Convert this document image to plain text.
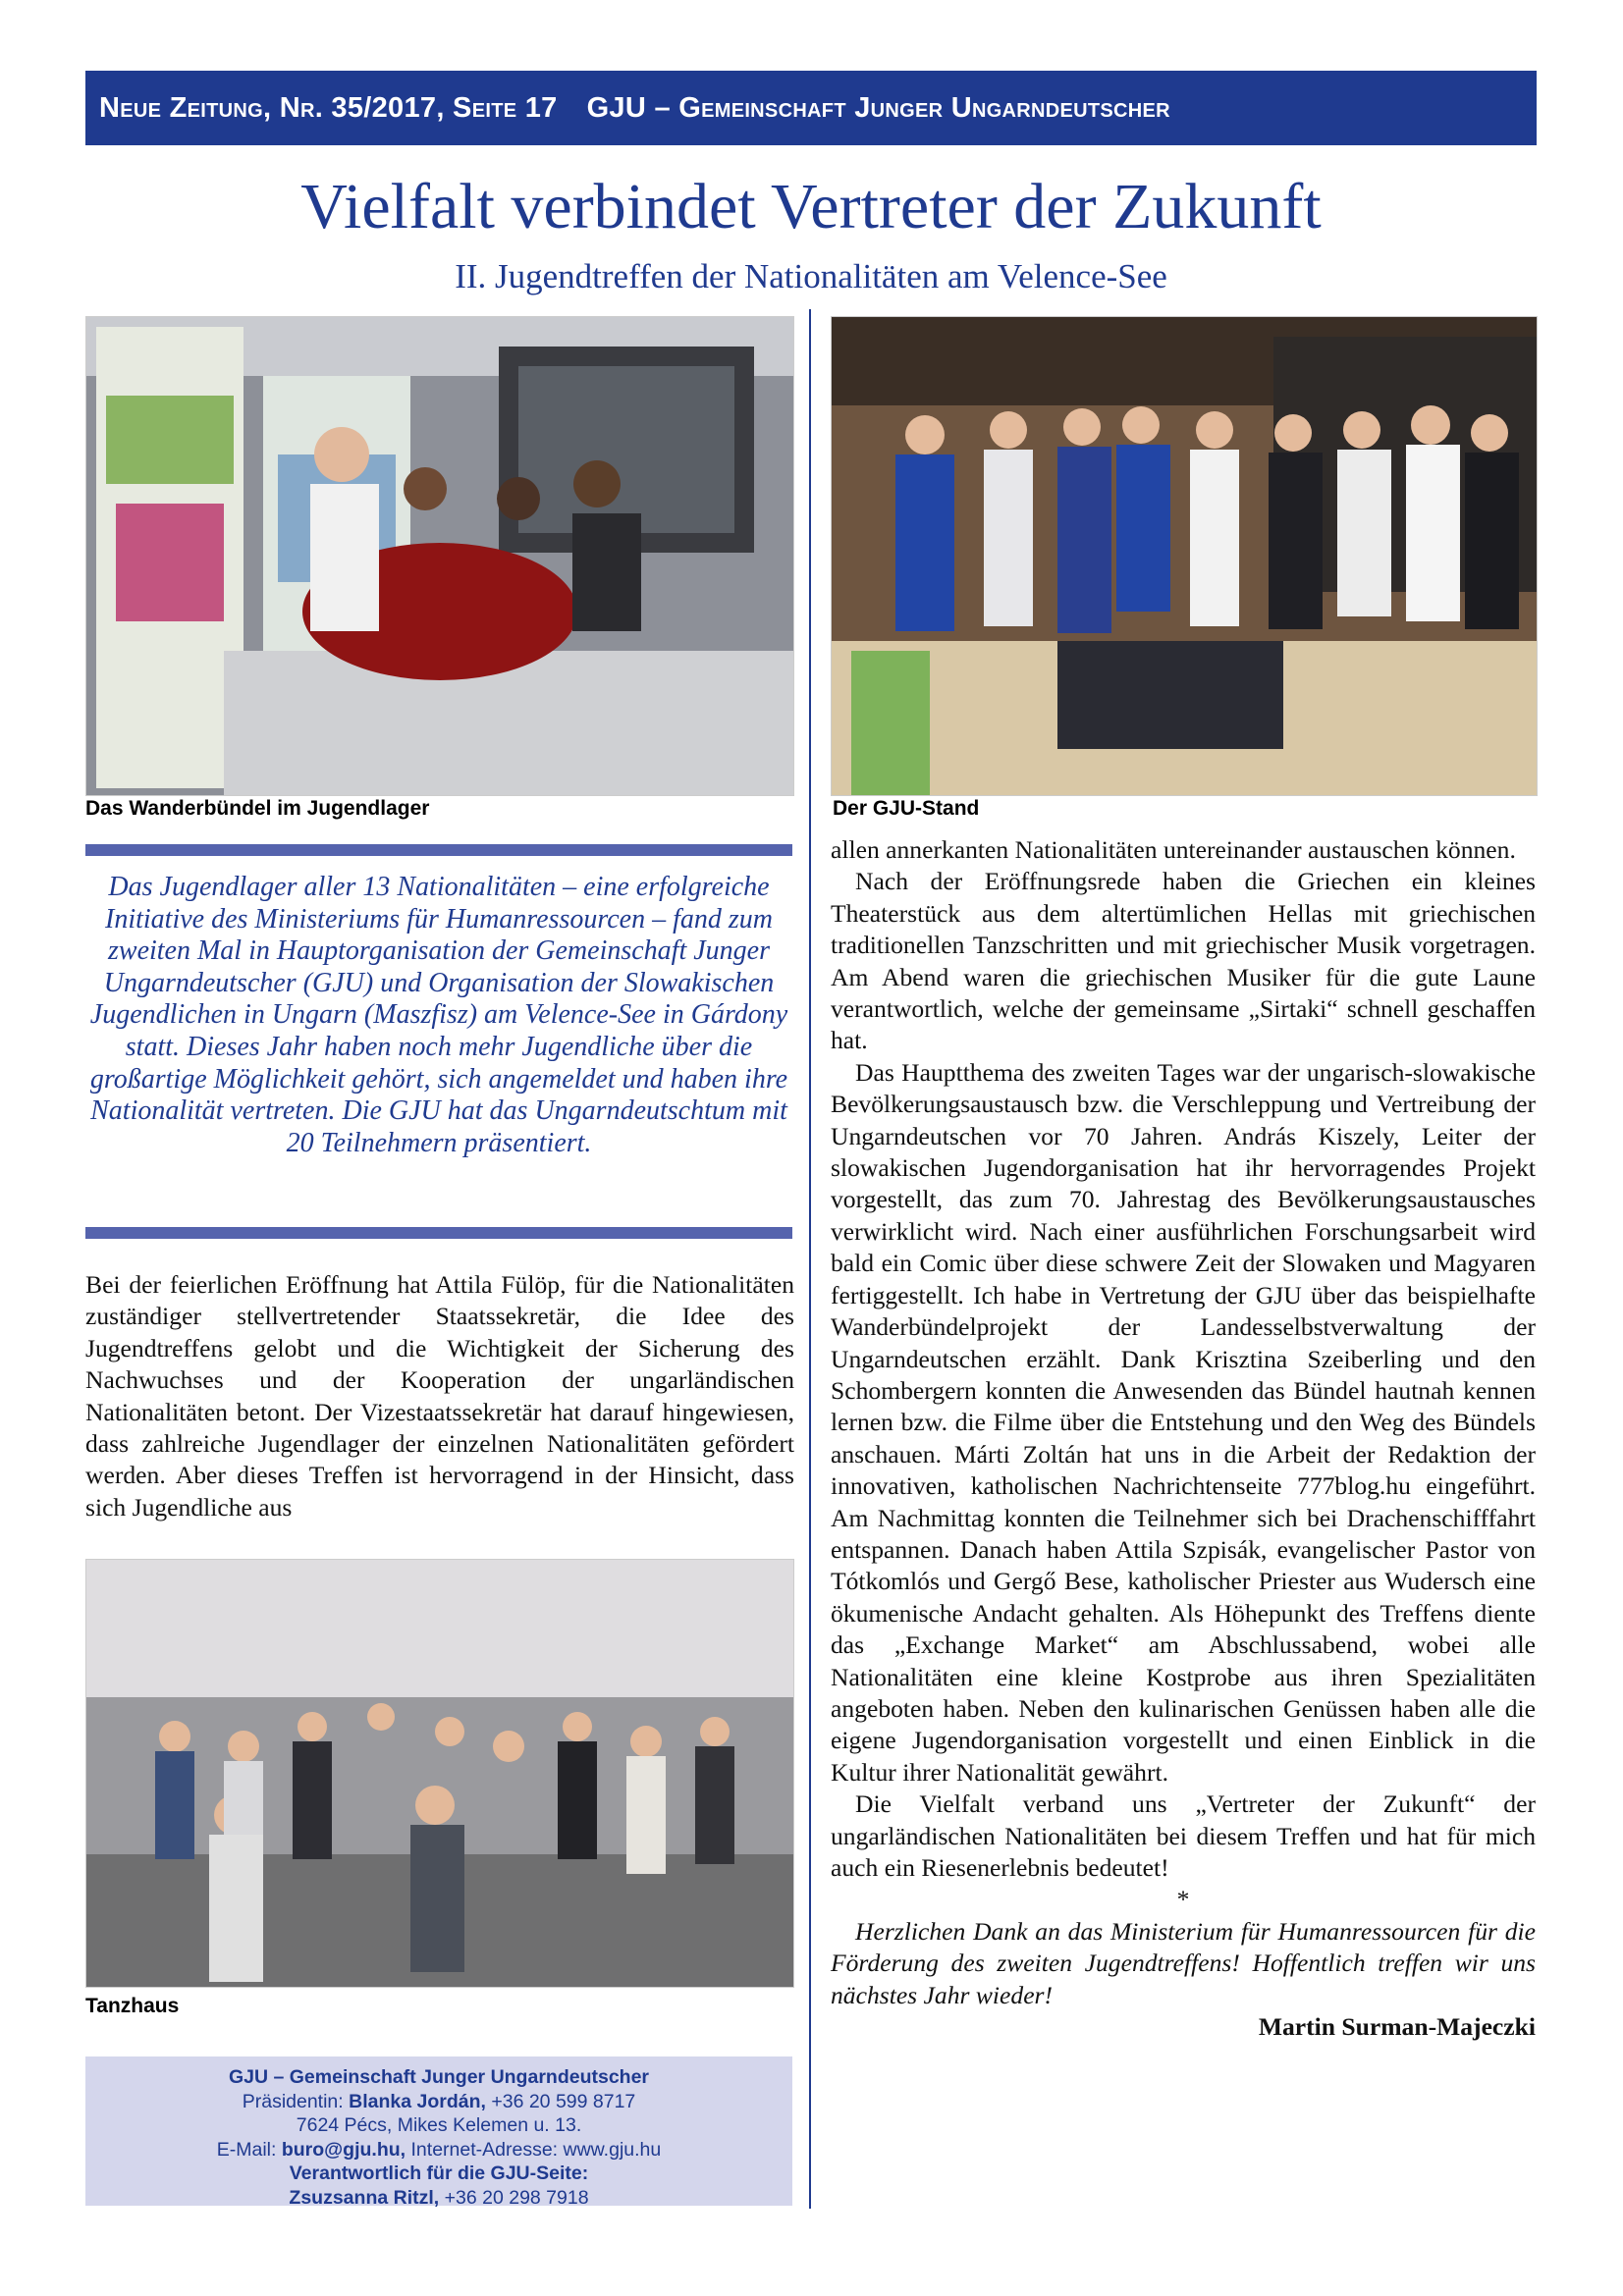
Neue Zeitung, Nr. 35/2017, Seite 17 GJU – Gemeinschaft Junger Ungarndeutscher
Vielfalt verbindet Vertreter der Zukunft
II. Jugendtreffen der Nationalitäten am Velence-See
Das Wanderbündel im Jugendlager	Der GJU-Stand

Das Jugendlager aller 13 Nationalitäten – eine erfolgreiche Initiative des Ministeriums für Humanressourcen – fand zum zweiten Mal in Hauptorganisation der Gemeinschaft Junger Ungarndeutscher (GJU) und Organisation der Slowakischen Jugendlichen in Ungarn (Maszfisz) am Velence-See in Gárdony statt. Dieses Jahr haben noch mehr Jugendliche über die großartige Möglichkeit gehört, sich angemeldet und haben ihre Nationalität vertreten. Die GJU hat das Ungarndeutschtum mit 20 Teilnehmern präsentiert.

Bei der feierlichen Eröffnung hat Attila Fülöp, für die Nationalitäten zuständiger stellvertretender Staatssekretär, die Idee des Jugendtreffens gelobt und die Wichtigkeit der Sicherung des Nachwuchses und der Kooperation der ungarländischen Nationalitäten betont. Der Vizestaatssekretär hat darauf hingewiesen, dass zahlreiche Jugendlager der einzelnen Nationalitäten gefördert werden. Aber dieses Treffen ist hervorragend in der Hinsicht, dass sich Jugendliche aus

Tanzhaus
GJU – Gemeinschaft Junger Ungarndeutscher
Präsidentin: Blanka Jordán, +36 20 599 8717
7624 Pécs, Mikes Kelemen u. 13.
E-Mail: buro@gju.hu, Internet-Adresse: www.gju.hu
Verantwortlich für die GJU-Seite:
Zsuzsanna Ritzl, +36 20 298 7918

allen annerkanten Nationalitäten untereinander austauschen können.

Nach der Eröffnungsrede haben die Griechen ein kleines Theaterstück aus dem altertümlichen Hellas mit griechischen traditionellen Tanzschritten und mit griechischer Musik vorgetragen. Am Abend waren die griechischen Musiker für die gute Laune verantwortlich, welche der gemeinsame „Sirtaki“ schnell geschaffen hat.

Das Hauptthema des zweiten Tages war der ungarisch-slowakische Bevölkerungsaustausch bzw. die Verschleppung und Vertreibung der Ungarndeutschen vor 70 Jahren. András Kiszely, Leiter der slowakischen Jugendorganisation hat ihr hervorragendes Projekt vorgestellt, das zum 70. Jahrestag des Bevölkerungsaustausches verwirklicht wird. Nach einer ausführlichen Forschungsarbeit wird bald ein Comic über diese schwere Zeit der Slowaken und Magyaren fertiggestellt. Ich habe in Vertretung der GJU über das beispielhafte Wanderbündelprojekt der Landesselbstverwaltung der Ungarndeutschen erzählt. Dank Krisztina Szeiberling und den Schombergern konnten die Anwesenden das Bündel hautnah kennen lernen bzw. die Filme über die Entstehung und den Weg des Bündels anschauen. Márti Zoltán hat uns in die Arbeit der Redaktion der innovativen, katholischen Nachrichtenseite 777blog.hu eingeführt. Am Nachmittag konnten die Teilnehmer sich bei Drachenschifffahrt entspannen. Danach haben Attila Szpisák, evangelischer Pastor von Tótkomlós und Gergő Bese, katholischer Priester aus Wudersch eine ökumenische Andacht gehalten. Als Höhepunkt des Treffens diente das „Exchange Market“ am Abschlussabend, wobei alle Nationalitäten eine kleine Kostprobe aus ihren Spezialitäten angeboten haben. Neben den kulinarischen Genüssen haben alle die eigene Jugendorganisation vorgestellt und einen Einblick in die Kultur ihrer Nationalität gewährt.

Die Vielfalt verband uns „Vertreter der Zukunft“ der ungarländischen Nationalitäten bei diesem Treffen und hat für mich auch ein Riesenerlebnis bedeutet!

*

Herzlichen Dank an das Ministerium für Humanressourcen für die Förderung des zweiten Jugendtreffens! Hoffentlich treffen wir uns nächstes Jahr wieder!

Martin Surman-Majeczki
